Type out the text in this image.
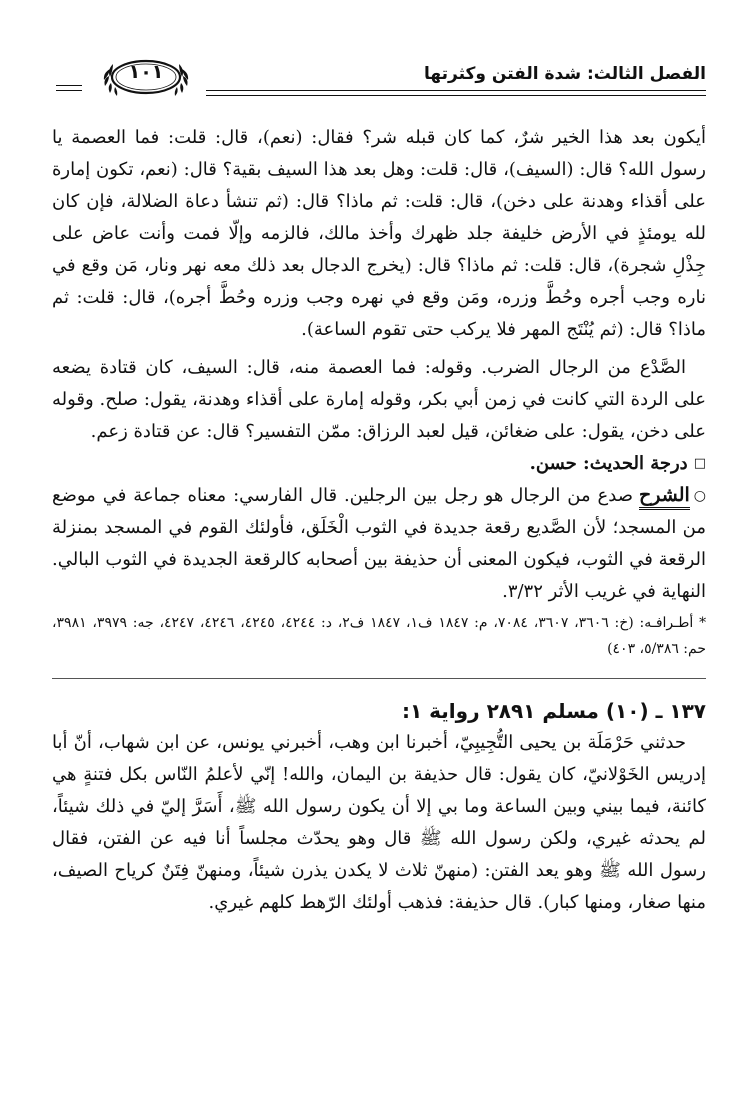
الفصل الثالث: شدة الفتن وكثرتها
١٠١

أيكون بعد هذا الخير شرٌ، كما كان قبله شر؟ فقال: (نعم)، قال: قلت: فما العصمة يا رسول الله؟ قال: (السيف)، قال: قلت: وهل بعد هذا السيف بقية؟ قال: (نعم، تكون إمارة على أقذاء وهدنة على دخن)، قال: قلت: ثم ماذا؟ قال: (ثم تنشأ دعاة الضلالة، فإن كان لله يومئذٍ في الأرض خليفة جلد ظهرك وأخذ مالك، فالزمه وإلّا فمت وأنت عاض على جِذْلِ شجرة)، قال: قلت: ثم ماذا؟ قال: (يخرج الدجال بعد ذلك معه نهر ونار، مَن وقع في ناره وجب أجره وحُطَّ وزره، ومَن وقع في نهره وجب وزره وحُطَّ أجره)، قال: قلت: ثم ماذا؟ قال: (ثم يُنْتَج المهر فلا يركب حتى تقوم الساعة).

الصَّدْع من الرجال الضرب. وقوله: فما العصمة منه، قال: السيف، كان قتادة يضعه على الردة التي كانت في زمن أبي بكر، وقوله إمارة على أقذاء وهدنة، يقول: صلح. وقوله على دخن، يقول: على ضغائن، قيل لعبد الرزاق: ممّن التفسير؟ قال: عن قتادة زعم.

□درجة الحديث: حسن.

○الشرحصدع من الرجال هو رجل بين الرجلين. قال الفارسي: معناه جماعة في موضع من المسجد؛ لأن الصَّديع رقعة جديدة في الثوب الْخَلَق، فأولئك القوم في المسجد بمنزلة الرقعة في الثوب، فيكون المعنى أن حذيفة بين أصحابه كالرقعة الجديدة في الثوب البالي. النهاية في غريب الأثر ٣/٣٢.

* أطـرافـه: (خ: ٣٦٠٦، ٣٦٠٧، ٧٠٨٤، م: ١٨٤٧ ف١، ١٨٤٧ ف٢، د: ٤٢٤٤، ٤٢٤٥، ٤٢٤٦، ٤٢٤٧، جه: ٣٩٧٩، ٣٩٨١، حم: ٥/٣٨٦، ٤٠٣)

١٣٧ ـ (١٠) مسلم ٢٨٩١ رواية ١:

حدثني حَرْمَلَة بن يحيى التُّجِيبِيّ، أخبرنا ابن وهب، أخبرني يونس، عن ابن شهاب، أنّ أبا إدريس الخَوْلانيّ، كان يقول: قال حذيفة بن اليمان، والله! إنّي لأعلمُ النّاس بكل فتنةٍ هي كائنة، فيما بيني وبين الساعة وما بي إلا أن يكون رسول الله ﷺ، أَسَرَّ إليّ في ذلك شيئاً، لم يحدثه غيري، ولكن رسول الله ﷺ قال وهو يحدّث مجلساً أنا فيه عن الفتن، فقال رسول الله ﷺ وهو يعد الفتن: (منهنّ ثلاث لا يكدن يذرن شيئاً، ومنهنّ فِتَنٌ كرياح الصيف، منها صغار، ومنها كبار). قال حذيفة: فذهب أولئك الرّهط كلهم غيري.
